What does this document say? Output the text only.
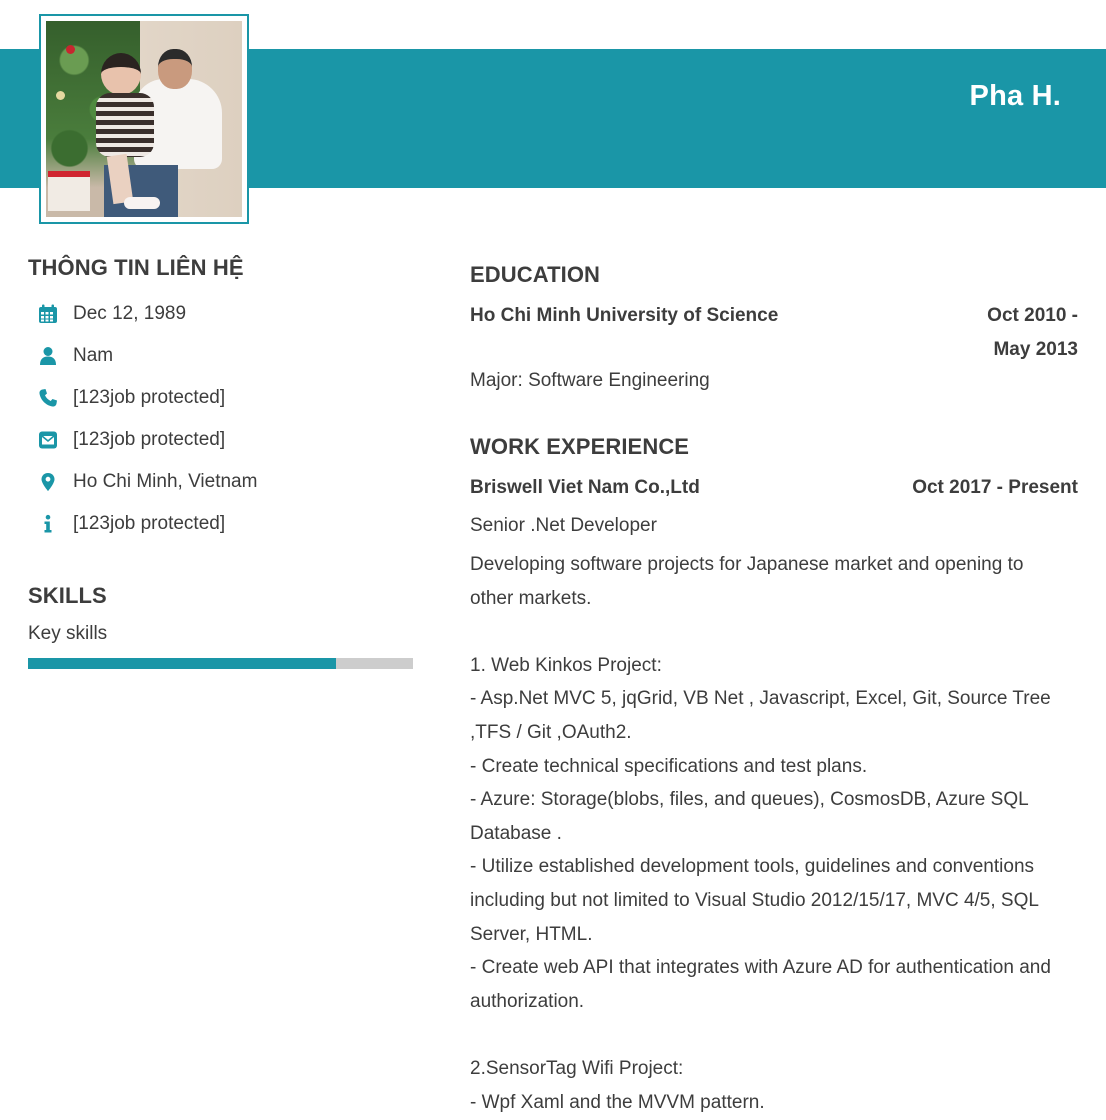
Pha H.
THÔNG TIN LIÊN HỆ
Dec 12, 1989
Nam
[123job protected]
[123job protected]
Ho Chi Minh, Vietnam
[123job protected]
SKILLS
Key skills
EDUCATION
Ho Chi Minh University of Science	Oct 2010 -
May 2013
Major: Software Engineering
WORK EXPERIENCE
Briswell Viet Nam Co.,Ltd	Oct 2017 - Present
Senior .Net Developer

Developing software projects for Japanese market and opening to

other markets.

1. Web Kinkos Project:

- Asp.Net MVC 5, jqGrid, VB Net , Javascript, Excel, Git, Source Tree

,TFS / Git ,OAuth2.

- Create technical specifications and test plans.

- Azure: Storage(blobs, files, and queues), CosmosDB, Azure SQL

Database .

- Utilize established development tools, guidelines and conventions

including but not limited to Visual Studio 2012/15/17, MVC 4/5, SQL

Server, HTML.

- Create web API that integrates with Azure AD for authentication and

authorization.

2.SensorTag Wifi Project:

- Wpf Xaml and the MVVM pattern.
